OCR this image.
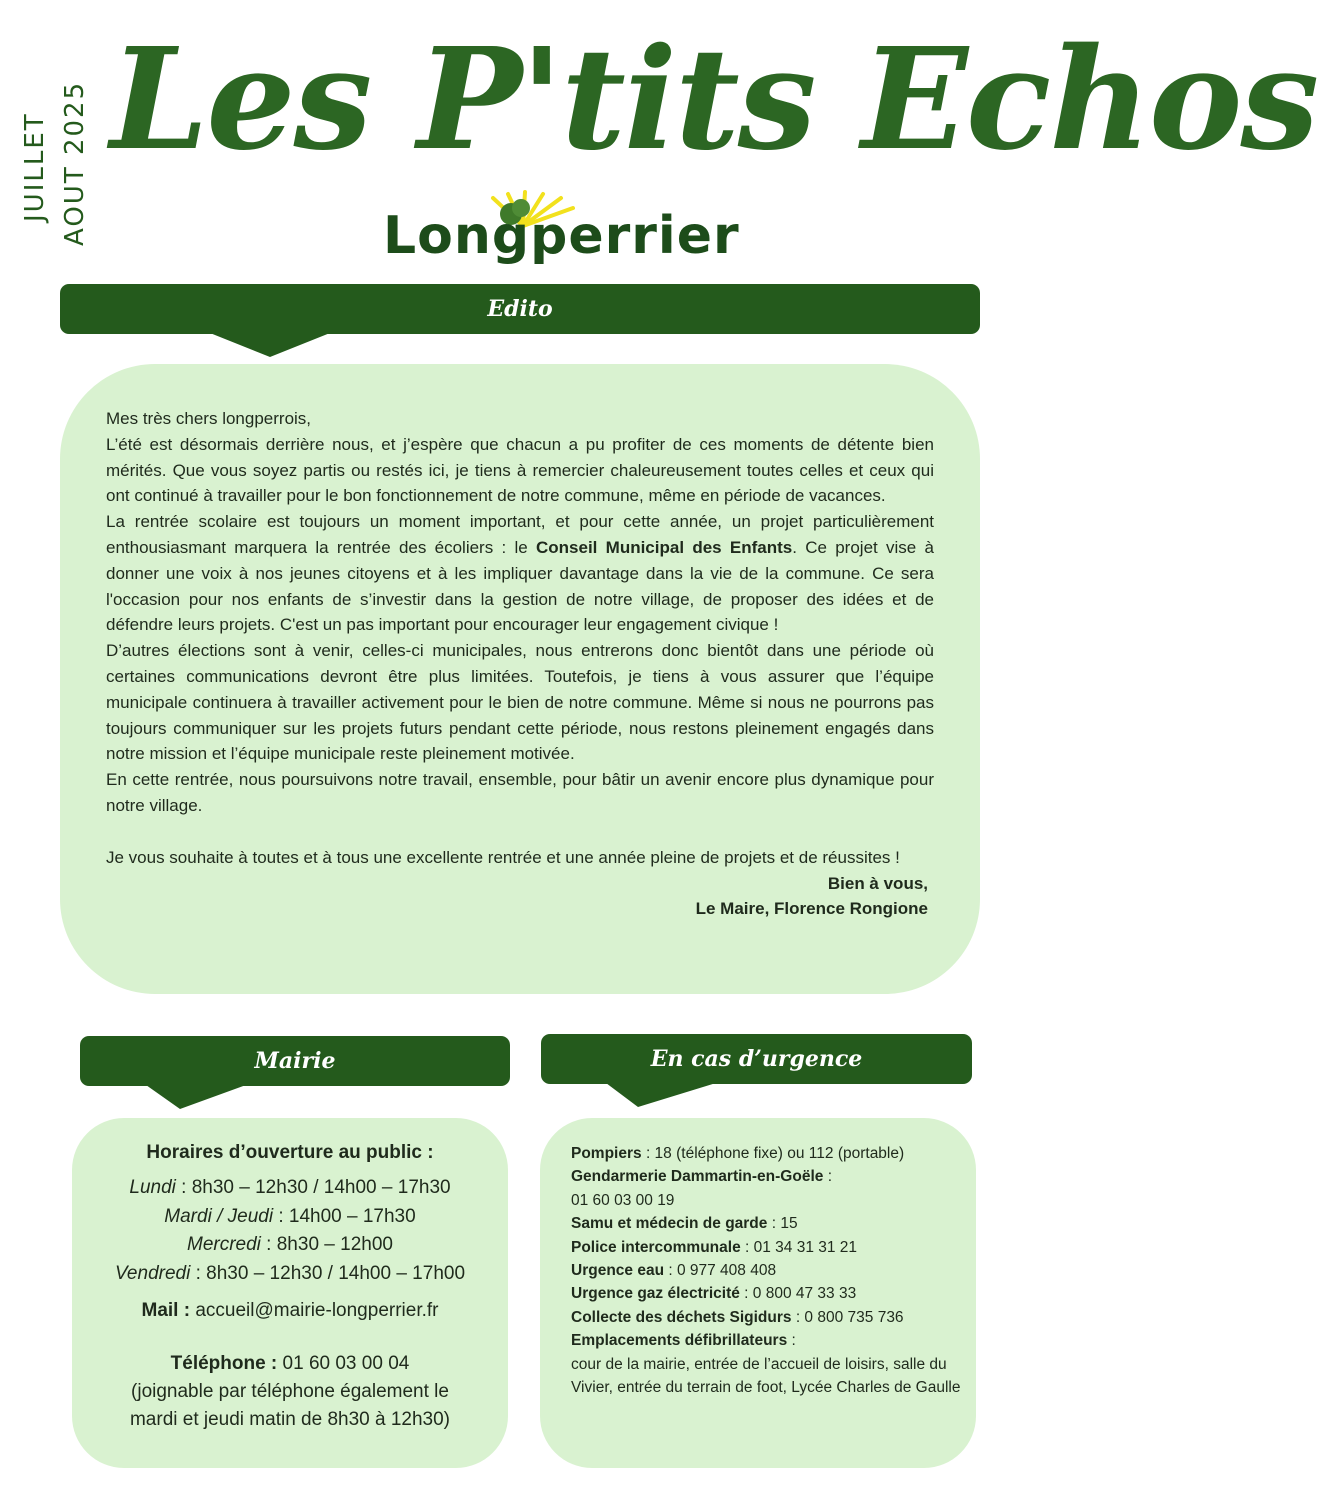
JUILLET AOUT 2025 Les P'tits Echos
Longperrier
Edito

Mes très chers longperrois,

L’été est désormais derrière nous, et j’espère que chacun a pu profiter de ces moments de détente bien mérités. Que vous soyez partis ou restés ici, je tiens à remercier chaleureusement toutes celles et ceux qui ont continué à travailler pour le bon fonctionnement de notre commune, même en période de vacances.

La rentrée scolaire est toujours un moment important, et pour cette année, un projet particulièrement enthousiasmant marquera la rentrée des écoliers : le Conseil Municipal des Enfants. Ce projet vise à donner une voix à nos jeunes citoyens et à les impliquer davantage dans la vie de la commune. Ce sera l'occasion pour nos enfants de s’investir dans la gestion de notre village, de proposer des idées et de défendre leurs projets. C'est un pas important pour encourager leur engagement civique !

D’autres élections sont à venir, celles-ci municipales, nous entrerons donc bientôt dans une période où certaines communications devront être plus limitées. Toutefois, je tiens à vous assurer que l’équipe municipale continuera à travailler activement pour le bien de notre commune. Même si nous ne pourrons pas toujours communiquer sur les projets futurs pendant cette période, nous restons pleinement engagés dans notre mission et l’équipe municipale reste pleinement motivée.

En cette rentrée, nous poursuivons notre travail, ensemble, pour bâtir un avenir encore plus dynamique pour notre village.

Je vous souhaite à toutes et à tous une excellente rentrée et une année pleine de projets et de réussites !

Bien à vous,

Le Maire, Florence Rongione

Mairie	En cas d’urgence
Horaires d’ouverture au public :
Lundi : 8h30 – 12h30 / 14h00 – 17h30
Mardi / Jeudi : 14h00 – 17h30
Mercredi : 8h30 – 12h00
Vendredi : 8h30 – 12h30 / 14h00 – 17h00
Mail : accueil@mairie-longperrier.fr
Téléphone : 01 60 03 00 04
(joignable par téléphone également le mardi et jeudi matin de 8h30 à 12h30)

Pompiers : 18 (téléphone fixe) ou 112 (portable)

Gendarmerie Dammartin-en-Goële :

01 60 03 00 19

Samu et médecin de garde : 15

Police intercommunale : 01 34 31 31 21

Urgence eau : 0 977 408 408

Urgence gaz électricité : 0 800 47 33 33

Collecte des déchets Sigidurs : 0 800 735 736

Emplacements défibrillateurs :

cour de la mairie, entrée de l’accueil de loisirs, salle du Vivier, entrée du terrain de foot, Lycée Charles de Gaulle
